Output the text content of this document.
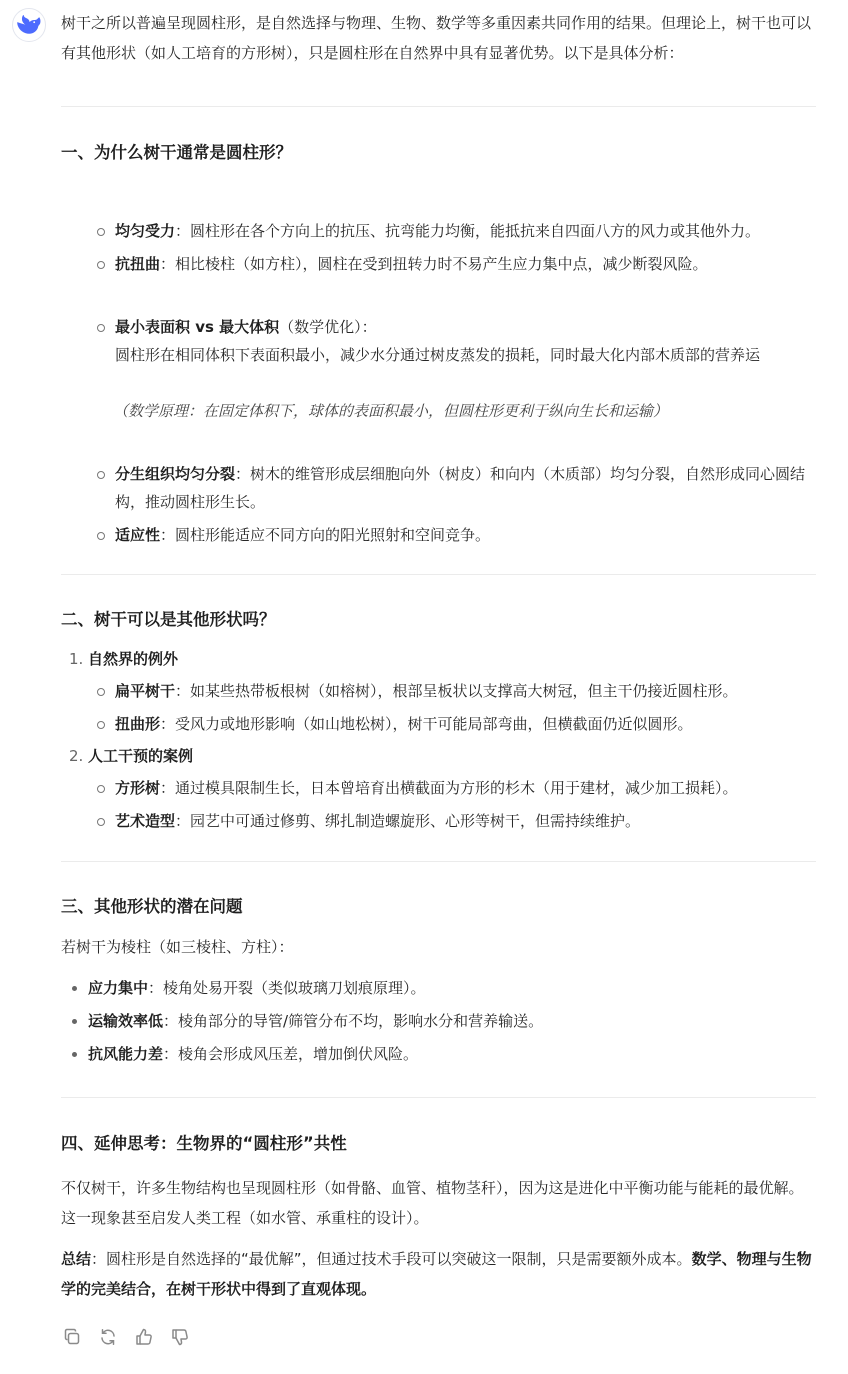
树干之所以普遍呈现圆柱形，是自然选择与物理、生物、数学等多重因素共同作用的结果。但理论上，树干也可以有其他形状（如人工培育的方形树），只是圆柱形在自然界中具有显著优势。以下是具体分析：

一、为什么树干通常是圆柱形？
均匀受力：圆柱形在各个方向上的抗压、抗弯能力均衡，能抵抗来自四面八方的风力或其他外力。
抗扭曲：相比棱柱（如方柱），圆柱在受到扭转力时不易产生应力集中点，减少断裂风险。
最小表面积 vs 最大体积（数学优化）：
圆柱形在相同体积下表面积最小，减少水分通过树皮蒸发的损耗，同时最大化内部木质部的营养运
（数学原理：在固定体积下，球体的表面积最小，但圆柱形更利于纵向生长和运输）
分生组织均匀分裂：树木的维管形成层细胞向外（树皮）和向内（木质部）均匀分裂，自然形成同心圆结构，推动圆柱形生长。
适应性：圆柱形能适应不同方向的阳光照射和空间竞争。
二、树干可以是其他形状吗？
1. 自然界的例外
扁平树干：如某些热带板根树（如榕树），根部呈板状以支撑高大树冠，但主干仍接近圆柱形。
扭曲形：受风力或地形影响（如山地松树），树干可能局部弯曲，但横截面仍近似圆形。
2. 人工干预的案例
方形树：通过模具限制生长，日本曾培育出横截面为方形的杉木（用于建材，减少加工损耗）。
艺术造型：园艺中可通过修剪、绑扎制造螺旋形、心形等树干，但需持续维护。
三、其他形状的潜在问题

若树干为棱柱（如三棱柱、方柱）：

应力集中：棱角处易开裂（类似玻璃刀划痕原理）。
运输效率低：棱角部分的导管/筛管分布不均，影响水分和营养输送。
抗风能力差：棱角会形成风压差，增加倒伏风险。
四、延伸思考：生物界的“圆柱形”共性

不仅树干，许多生物结构也呈现圆柱形（如骨骼、血管、植物茎秆），因为这是进化中平衡功能与能耗的最优解。这一现象甚至启发人类工程（如水管、承重柱的设计）。

总结：圆柱形是自然选择的“最优解”，但通过技术手段可以突破这一限制，只是需要额外成本。数学、物理与生物学的完美结合，在树干形状中得到了直观体现。
